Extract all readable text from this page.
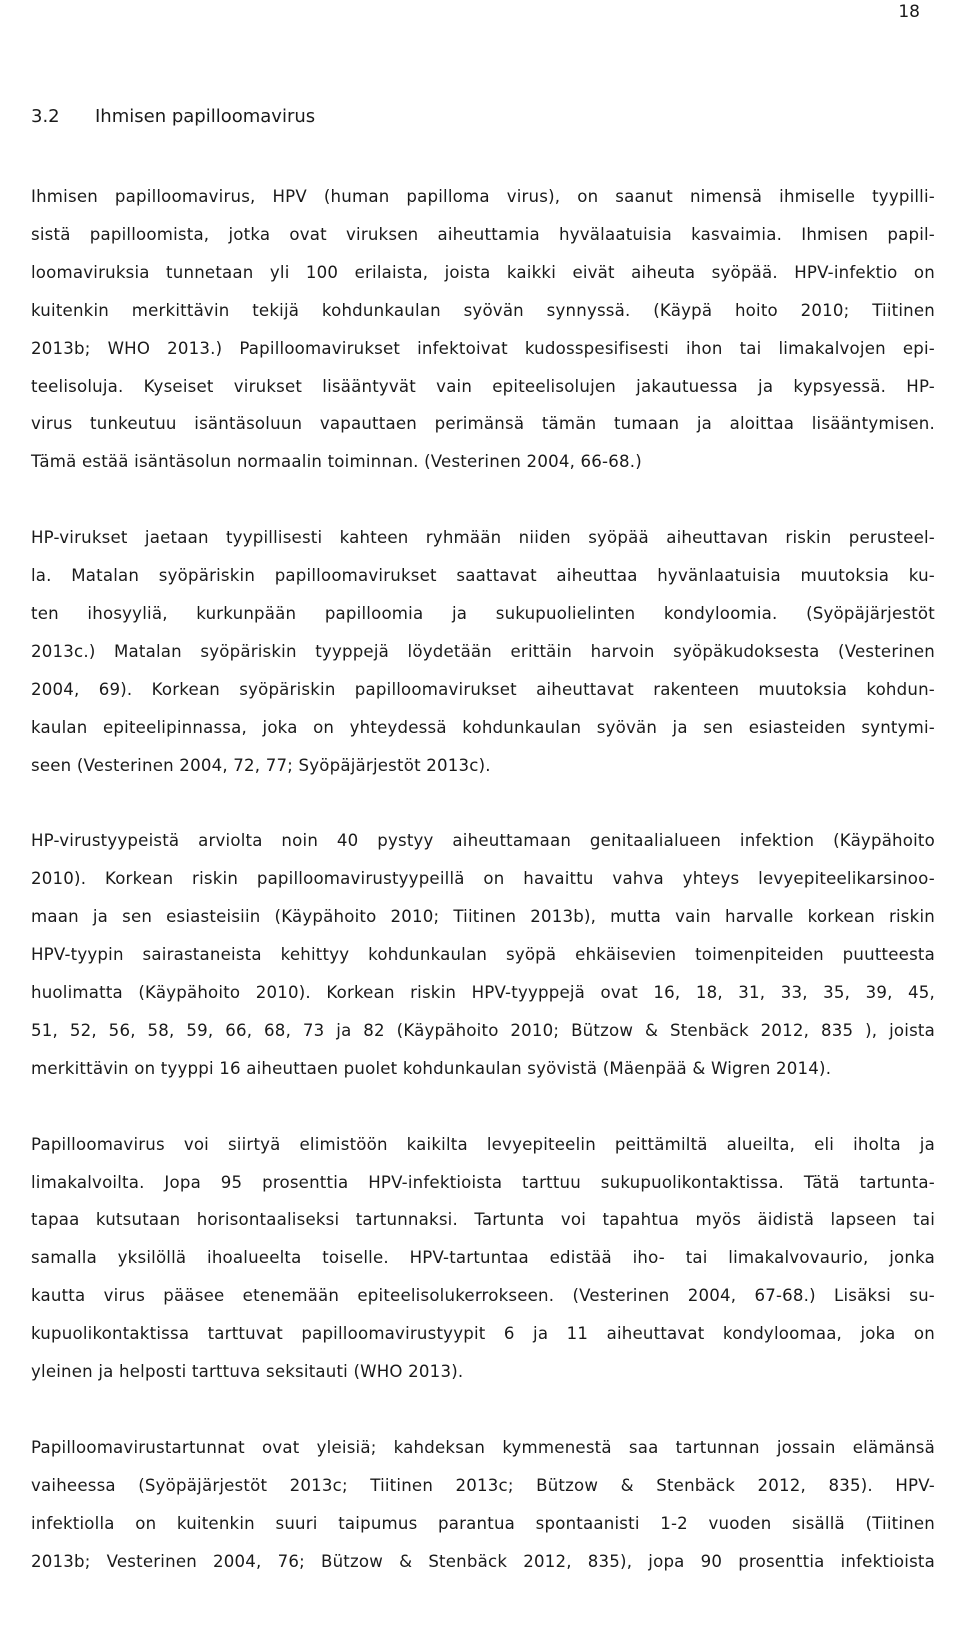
18
3.2 Ihmisen papilloomavirus
Ihmisen papilloomavirus, HPV (human papilloma virus), on saanut nimensä ihmiselle tyypilli-
sistä papilloomista, jotka ovat viruksen aiheuttamia hyvälaatuisia kasvaimia. Ihmisen papil-
loomaviruksia tunnetaan yli 100 erilaista, joista kaikki eivät aiheuta syöpää. HPV-infektio on
kuitenkin merkittävin tekijä kohdunkaulan syövän synnyssä. (Käypä hoito 2010; Tiitinen
2013b; WHO 2013.) Papilloomavirukset infektoivat kudosspesifisesti ihon tai limakalvojen epi-
teelisoluja. Kyseiset virukset lisääntyvät vain epiteelisolujen jakautuessa ja kypsyessä. HP-
virus tunkeutuu isäntäsoluun vapauttaen perimänsä tämän tumaan ja aloittaa lisääntymisen.
Tämä estää isäntäsolun normaalin toiminnan. (Vesterinen 2004, 66-68.)
HP-virukset jaetaan tyypillisesti kahteen ryhmään niiden syöpää aiheuttavan riskin perusteel-
la. Matalan syöpäriskin papilloomavirukset saattavat aiheuttaa hyvänlaatuisia muutoksia ku-
ten ihosyyliä, kurkunpään papilloomia ja sukupuolielinten kondyloomia. (Syöpäjärjestöt
2013c.) Matalan syöpäriskin tyyppejä löydetään erittäin harvoin syöpäkudoksesta (Vesterinen
2004, 69). Korkean syöpäriskin papilloomavirukset aiheuttavat rakenteen muutoksia kohdun-
kaulan epiteelipinnassa, joka on yhteydessä kohdunkaulan syövän ja sen esiasteiden syntymi-
seen (Vesterinen 2004, 72, 77; Syöpäjärjestöt 2013c).
HP-virustyypeistä arviolta noin 40 pystyy aiheuttamaan genitaalialueen infektion (Käypähoito
2010). Korkean riskin papilloomavirustyypeillä on havaittu vahva yhteys levyepiteelikarsinoo-
maan ja sen esiasteisiin (Käypähoito 2010; Tiitinen 2013b), mutta vain harvalle korkean riskin
HPV-tyypin sairastaneista kehittyy kohdunkaulan syöpä ehkäisevien toimenpiteiden puutteesta
huolimatta (Käypähoito 2010). Korkean riskin HPV-tyyppejä ovat 16, 18, 31, 33, 35, 39, 45,
51, 52, 56, 58, 59, 66, 68, 73 ja 82 (Käypähoito 2010; Bützow & Stenbäck 2012, 835 ), joista
merkittävin on tyyppi 16 aiheuttaen puolet kohdunkaulan syövistä (Mäenpää & Wigren 2014).
Papilloomavirus voi siirtyä elimistöön kaikilta levyepiteelin peittämiltä alueilta, eli iholta ja
limakalvoilta. Jopa 95 prosenttia HPV-infektioista tarttuu sukupuolikontaktissa. Tätä tartunta-
tapaa kutsutaan horisontaaliseksi tartunnaksi. Tartunta voi tapahtua myös äidistä lapseen tai
samalla yksilöllä ihoalueelta toiselle. HPV-tartuntaa edistää iho- tai limakalvovaurio, jonka
kautta virus pääsee etenemään epiteelisolukerrokseen. (Vesterinen 2004, 67-68.) Lisäksi su-
kupuolikontaktissa tarttuvat papilloomavirustyypit 6 ja 11 aiheuttavat kondyloomaa, joka on
yleinen ja helposti tarttuva seksitauti (WHO 2013).
Papilloomavirustartunnat ovat yleisiä; kahdeksan kymmenestä saa tartunnan jossain elämänsä
vaiheessa (Syöpäjärjestöt 2013c; Tiitinen 2013c; Bützow & Stenbäck 2012, 835). HPV-
infektiolla on kuitenkin suuri taipumus parantua spontaanisti 1-2 vuoden sisällä (Tiitinen
2013b; Vesterinen 2004, 76; Bützow & Stenbäck 2012, 835), jopa 90 prosenttia infektioista
